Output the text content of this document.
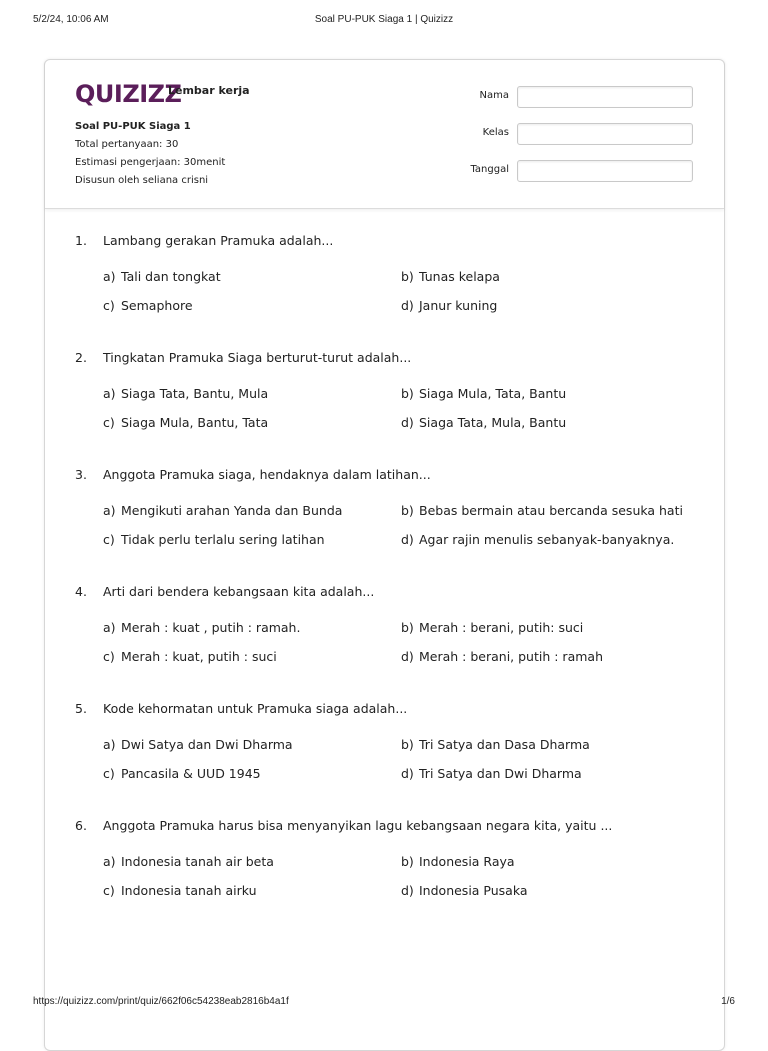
5/2/24, 10:06 AM	Soal PU-PUK Siaga 1 | Quizizz
QUIZIZZ
Lembar kerja
Soal PU-PUK Siaga 1
Total pertanyaan: 30
Estimasi pengerjaan: 30menit
Disusun oleh seliana crisni
Nama
Kelas
Tanggal
1. Lambang gerakan Pramuka adalah...
a) Tali dan tongkat	b) Tunas kelapa
c) Semaphore	d) Janur kuning
2. Tingkatan Pramuka Siaga berturut-turut adalah...
a) Siaga Tata, Bantu, Mula	b) Siaga Mula, Tata, Bantu
c) Siaga Mula, Bantu, Tata	d) Siaga Tata, Mula, Bantu
3. Anggota Pramuka siaga, hendaknya dalam latihan...
a) Mengikuti arahan Yanda dan Bunda	b) Bebas bermain atau bercanda sesuka hati
c) Tidak perlu terlalu sering latihan	d) Agar rajin menulis sebanyak-banyaknya.
4. Arti dari bendera kebangsaan kita adalah...
a) Merah : kuat , putih : ramah.	b) Merah : berani, putih: suci
c) Merah : kuat, putih : suci	d) Merah : berani, putih : ramah
5. Kode kehormatan untuk Pramuka siaga adalah...
a) Dwi Satya dan Dwi Dharma	b) Tri Satya dan Dasa Dharma
c) Pancasila & UUD 1945	d) Tri Satya dan Dwi Dharma
6. Anggota Pramuka harus bisa menyanyikan lagu kebangsaan negara kita, yaitu ...
a) Indonesia tanah air beta	b) Indonesia Raya
c) Indonesia tanah airku	d) Indonesia Pusaka
https://quizizz.com/print/quiz/662f06c54238eab2816b4a1f	1/6
